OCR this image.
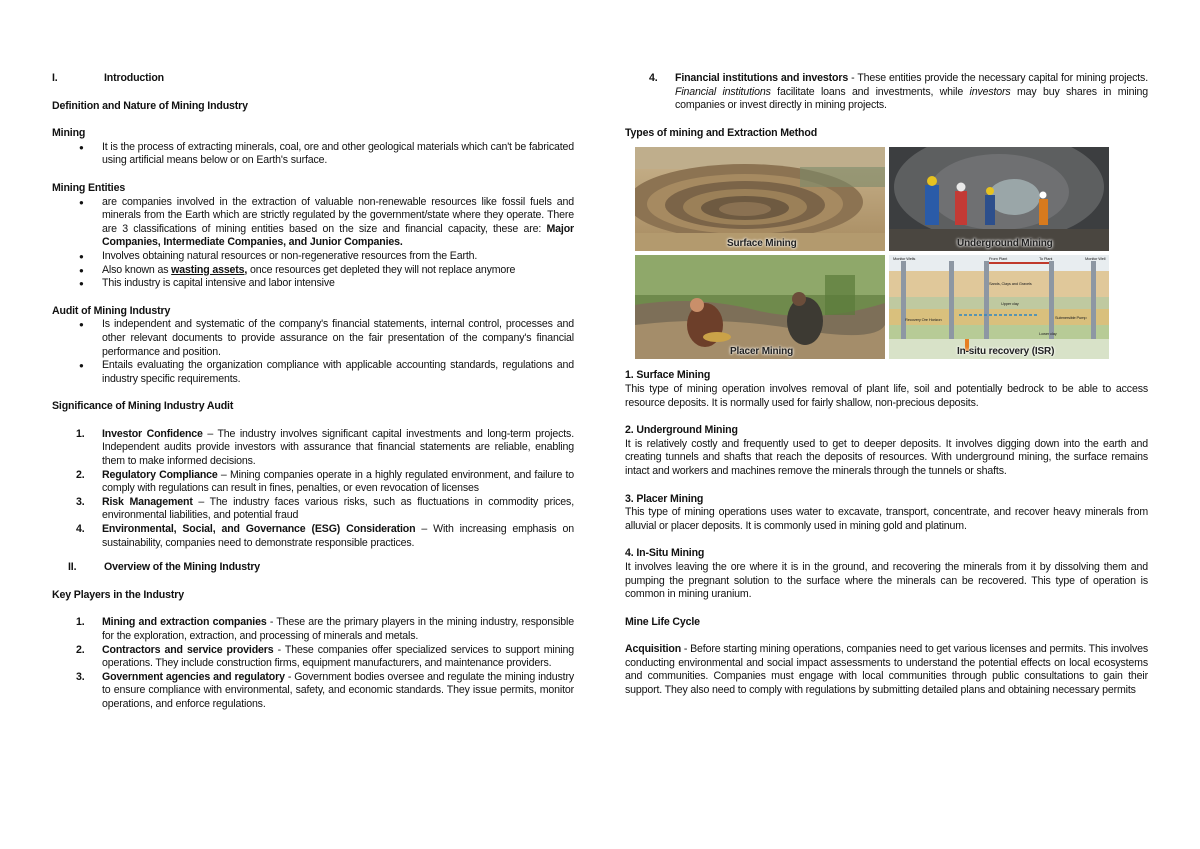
I.	Introduction
Definition and Nature of Mining Industry
Mining
● It is the process of extracting minerals, coal, ore and other geological materials which can't be fabricated using artificial means below or on Earth's surface.
Mining Entities
● are companies involved in the extraction of valuable non-renewable resources like fossil fuels and minerals from the Earth which are strictly regulated by the government/state where they operate. There are 3 classifications of mining entities based on the size and financial capacity, these are: Major Companies, Intermediate Companies, and Junior Companies.
● Involves obtaining natural resources or non-regenerative resources from the Earth.
● Also known as wasting assets, once resources get depleted they will not replace anymore
● This industry is capital intensive and labor intensive
Audit of Mining Industry
● Is independent and systematic of the company's financial statements, internal control, processes and other relevant documents to provide assurance on the fair presentation of the company's financial performance and position.
● Entails evaluating the organization compliance with applicable accounting standards, regulations and industry specific requirements.
Significance of Mining Industry Audit
1. Investor Confidence – The industry involves significant capital investments and long-term projects. Independent audits provide investors with assurance that financial statements are reliable, enabling them to make informed decisions.
2. Regulatory Compliance – Mining companies operate in a highly regulated environment, and failure to comply with regulations can result in fines, penalties, or even revocation of licenses
3. Risk Management – The industry faces various risks, such as fluctuations in commodity prices, environmental liabilities, and potential fraud
4. Environmental, Social, and Governance (ESG) Consideration – With increasing emphasis on sustainability, companies need to demonstrate responsible practices.
II.	Overview of the Mining Industry
Key Players in the Industry
1. Mining and extraction companies - These are the primary players in the mining industry, responsible for the exploration, extraction, and processing of minerals and metals.
2. Contractors and service providers - These companies offer specialized services to support mining operations. They include construction firms, equipment manufacturers, and maintenance providers.
3. Government agencies and regulatory - Government bodies oversee and regulate the mining industry to ensure compliance with environmental, safety, and economic standards. They issue permits, monitor operations, and enforce regulations.
4. Financial institutions and investors - These entities provide the necessary capital for mining projects. Financial institutions facilitate loans and investments, while investors may buy shares in mining companies or invest directly in mining projects.
Types of mining and Extraction Method
Surface Mining	Underground Mining
Placer Mining
Monitor Wells	From Plant	To Plant	Monitor Well
Sands, Clays and Gravels
Upper clay
Recovery Ore Horizon	Submersible Pump
Lower clay
In-situ recovery (ISR)
1. Surface Mining

This type of mining operation involves removal of plant life, soil and potentially bedrock to be able to access resource deposits. It is normally used for fairly shallow, non-precious deposits.

2. Underground Mining

It is relatively costly and frequently used to get to deeper deposits. It involves digging down into the earth and creating tunnels and shafts that reach the deposits of resources. With underground mining, the surface remains intact and workers and machines remove the minerals through the tunnels or shafts.

3. Placer Mining

This type of mining operations uses water to excavate, transport, concentrate, and recover heavy minerals from alluvial or placer deposits. It is commonly used in mining gold and platinum.

4. In-Situ Mining

It involves leaving the ore where it is in the ground, and recovering the minerals from it by dissolving them and pumping the pregnant solution to the surface where the minerals can be recovered. This type of operation is common in mining uranium.

Mine Life Cycle

Acquisition - Before starting mining operations, companies need to get various licenses and permits. This involves conducting environmental and social impact assessments to understand the potential effects on local ecosystems and communities. Companies must engage with local communities through public consultations to gain their support. They also need to comply with regulations by submitting detailed plans and obtaining necessary permits
